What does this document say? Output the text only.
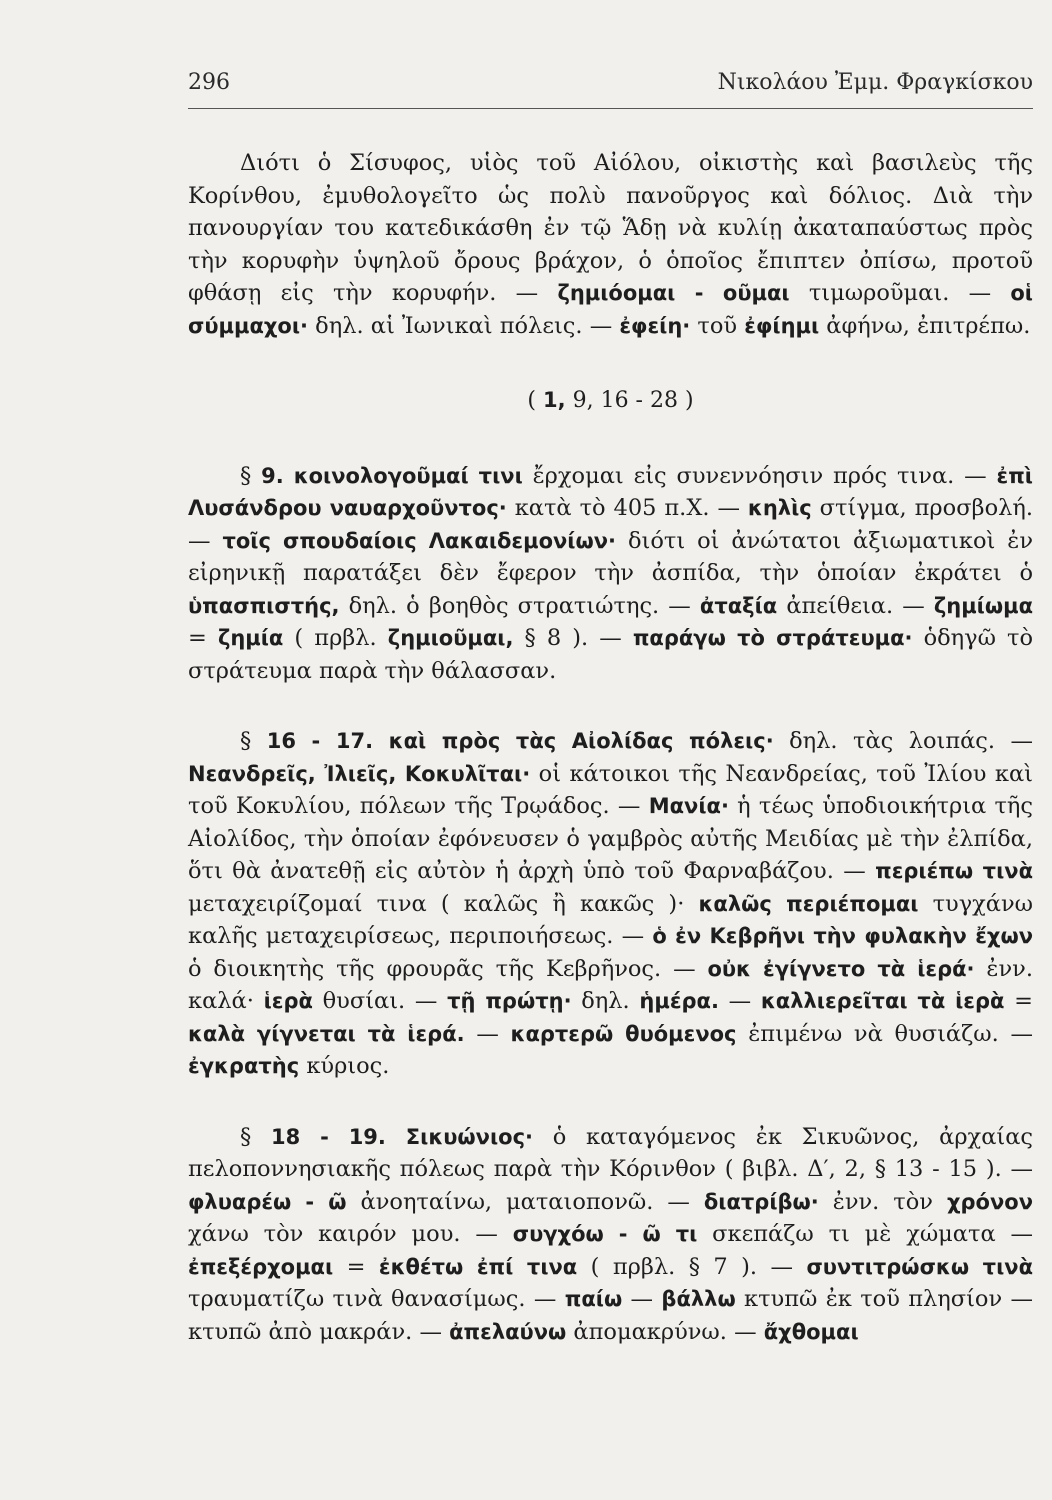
296	Νικολάου Ἐμμ. Φραγκίσκου

Διότι ὁ Σίσυφος, υἱὸς τοῦ Αἰόλου, οἰκιστὴς καὶ βασιλεὺς τῆς Κορίνθου, ἐμυθολογεῖτο ὡς πολὺ πανοῦργος καὶ δόλιος. Διὰ τὴν πανουργίαν του κατεδικάσθη ἐν τῷ Ἅδῃ νὰ κυλίῃ ἀκαταπαύστως πρὸς τὴν κορυφὴν ὑψηλοῦ ὄρους βράχον, ὁ ὁποῖος ἔπιπτεν ὀπίσω, προτοῦ φθάσῃ εἰς τὴν κορυφήν. — ζημιόομαι - οῦμαι τιμωροῦμαι. — οἱ σύμμαχοι· δηλ. αἱ Ἰωνικαὶ πόλεις. — ἐφείη· τοῦ ἐφίημι ἀφήνω, ἐπιτρέπω.

( 1, 9, 16 - 28 )

§ 9. κοινολογοῦμαί τινι ἔρχομαι εἰς συνεννόησιν πρός τινα. — ἐπὶ Λυσάνδρου ναυαρχοῦντος· κατὰ τὸ 405 π.Χ. — κηλὶς στίγμα, προσβολή. — τοῖς σπουδαίοις Λακαιδεμονίων· διότι οἱ ἀνώτατοι ἀξιωματικοὶ ἐν εἰρηνικῇ παρατάξει δὲν ἔφερον τὴν ἀσπίδα, τὴν ὁποίαν ἐκράτει ὁ ὑπασπιστής, δηλ. ὁ βοηθὸς στρατιώτης. — ἀταξία ἀπείθεια. — ζημίωμα = ζημία ( πρβλ. ζημιοῦμαι, § 8 ). — παράγω τὸ στράτευμα· ὁδηγῶ τὸ στράτευμα παρὰ τὴν θάλασσαν.

§ 16 - 17. καὶ πρὸς τὰς Αἰολίδας πόλεις· δηλ. τὰς λοιπάς. — Νεανδρεῖς, Ἰλιεῖς, Κοκυλῖται· οἱ κάτοικοι τῆς Νεανδρείας, τοῦ Ἰλίου καὶ τοῦ Κοκυλίου, πόλεων τῆς Τρῳάδος. — Μανία· ἡ τέως ὑποδιοικήτρια τῆς Αἰολίδος, τὴν ὁποίαν ἐφόνευσεν ὁ γαμβρὸς αὐτῆς Μειδίας μὲ τὴν ἐλπίδα, ὅτι θὰ ἀνατεθῇ εἰς αὐτὸν ἡ ἀρχὴ ὑπὸ τοῦ Φαρναβάζου. — περιέπω τινὰ μεταχειρίζομαί τινα ( καλῶς ἢ κακῶς )· καλῶς περιέπομαι τυγχάνω καλῆς μεταχειρίσεως, περιποιήσεως. — ὁ ἐν Κεβρῆνι τὴν φυλακὴν ἔχων ὁ διοικητὴς τῆς φρουρᾶς τῆς Κεβρῆνος. — οὐκ ἐγίγνετο τὰ ἱερά· ἐνν. καλά· ἱερὰ θυσίαι. — τῇ πρώτῃ· δηλ. ἡμέρα. — καλλιερεῖται τὰ ἱερὰ = καλὰ γίγνεται τὰ ἱερά. — καρτερῶ θυόμενος ἐπιμένω νὰ θυσιάζω. — ἐγκρατὴς κύριος.

§ 18 - 19. Σικυώνιος· ὁ καταγόμενος ἐκ Σικυῶνος, ἀρχαίας πελοποννησιακῆς πόλεως παρὰ τὴν Κόρινθον ( βιβλ. Δ′, 2, § 13 - 15 ). — φλυαρέω - ῶ ἀνοηταίνω, ματαιοπονῶ. — διατρίβω· ἐνν. τὸν χρόνον χάνω τὸν καιρόν μου. — συγχόω - ῶ τι σκεπάζω τι μὲ χώματα — ἐπεξέρχομαι = ἐκθέτω ἐπί τινα ( πρβλ. § 7 ). — συντιτρώσκω τινὰ τραυματίζω τινὰ θανασίμως. — παίω — βάλλω κτυπῶ ἐκ τοῦ πλησίον — κτυπῶ ἀπὸ μακράν. — ἀπελαύνω ἀπομακρύνω. — ἄχθομαι
